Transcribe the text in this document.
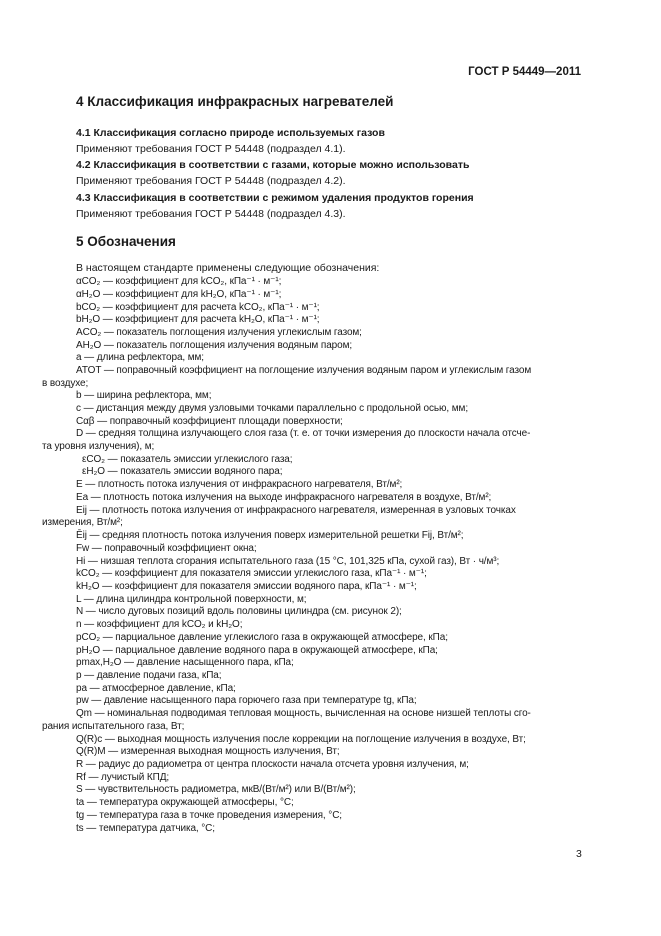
ГОСТ Р 54449—2011
4 Классификация инфракрасных нагревателей
4.1 Классификация согласно природе используемых газов
Применяют требования ГОСТ Р 54448 (подраздел 4.1).
4.2 Классификация в соответствии с газами, которые можно использовать
Применяют требования ГОСТ Р 54448 (подраздел 4.2).
4.3 Классификация в соответствии с режимом удаления продуктов горения
Применяют требования ГОСТ Р 54448 (подраздел 4.3).
5 Обозначения
В настоящем стандарте применены следующие обозначения:
αCO₂ — коэффициент для kCO₂, кПа⁻¹ · м⁻¹;
αH₂O — коэффициент для kH₂O, кПа⁻¹ · м⁻¹;
bCO₂ — коэффициент для расчета kCO₂, кПа⁻¹ · м⁻¹;
bH₂O — коэффициент для расчета kH₂O, кПа⁻¹ · м⁻¹;
ACO₂ — показатель поглощения излучения углекислым газом;
AH₂O — показатель поглощения излучения водяным паром;
a — длина рефлектора, мм;
ATOT — поправочный коэффициент на поглощение излучения водяным паром и углекислым газом
в воздухе;
b — ширина рефлектора, мм;
c — дистанция между двумя узловыми точками параллельно с продольной осью, мм;
Cαβ — поправочный коэффициент площади поверхности;
D — средняя толщина излучающего слоя газа (т. е. от точки измерения до плоскости начала отсче-
та уровня излучения), м;
εCO₂ — показатель эмиссии углекислого газа;
εH₂O — показатель эмиссии водяного пара;
E — плотность потока излучения от инфракрасного нагревателя, Вт/м²;
Ea — плотность потока излучения на выходе инфракрасного нагревателя в воздухе, Вт/м²;
Eij — плотность потока излучения от инфракрасного нагревателя, измеренная в узловых точках
измерения, Вт/м²;
Ēij — средняя плотность потока излучения поверх измерительной решетки Fij, Вт/м²;
Fw — поправочный коэффициент окна;
Hi — низшая теплота сгорания испытательного газа (15 °C, 101,325 кПа, сухой газ), Вт · ч/м³;
kCO₂ — коэффициент для показателя эмиссии углекислого газа, кПа⁻¹ · м⁻¹;
kH₂O — коэффициент для показателя эмиссии водяного пара, кПа⁻¹ · м⁻¹;
L — длина цилиндра контрольной поверхности, м;
N — число дуговых позиций вдоль половины цилиндра (см. рисунок 2);
n — коэффициент для kCO₂ и kH₂O;
pCO₂ — парциальное давление углекислого газа в окружающей атмосфере, кПа;
pH₂O — парциальное давление водяного пара в окружающей атмосфере, кПа;
pmax,H₂O — давление насыщенного пара, кПа;
p — давление подачи газа, кПа;
pa — атмосферное давление, кПа;
pw — давление насыщенного пара горючего газа при температуре tg, кПа;
Qm — номинальная подводимая тепловая мощность, вычисленная на основе низшей теплоты сго-
рания испытательного газа, Вт;
Q(R)c — выходная мощность излучения после коррекции на поглощение излучения в воздухе, Вт;
Q(R)M — измеренная выходная мощность излучения, Вт;
R — радиус до радиометра от центра плоскости начала отсчета уровня излучения, м;
Rf — лучистый КПД;
S — чувствительность радиометра, мкВ/(Вт/м²) или В/(Вт/м²);
ta — температура окружающей атмосферы, °C;
tg — температура газа в точке проведения измерения, °C;
ts — температура датчика, °C;
3
